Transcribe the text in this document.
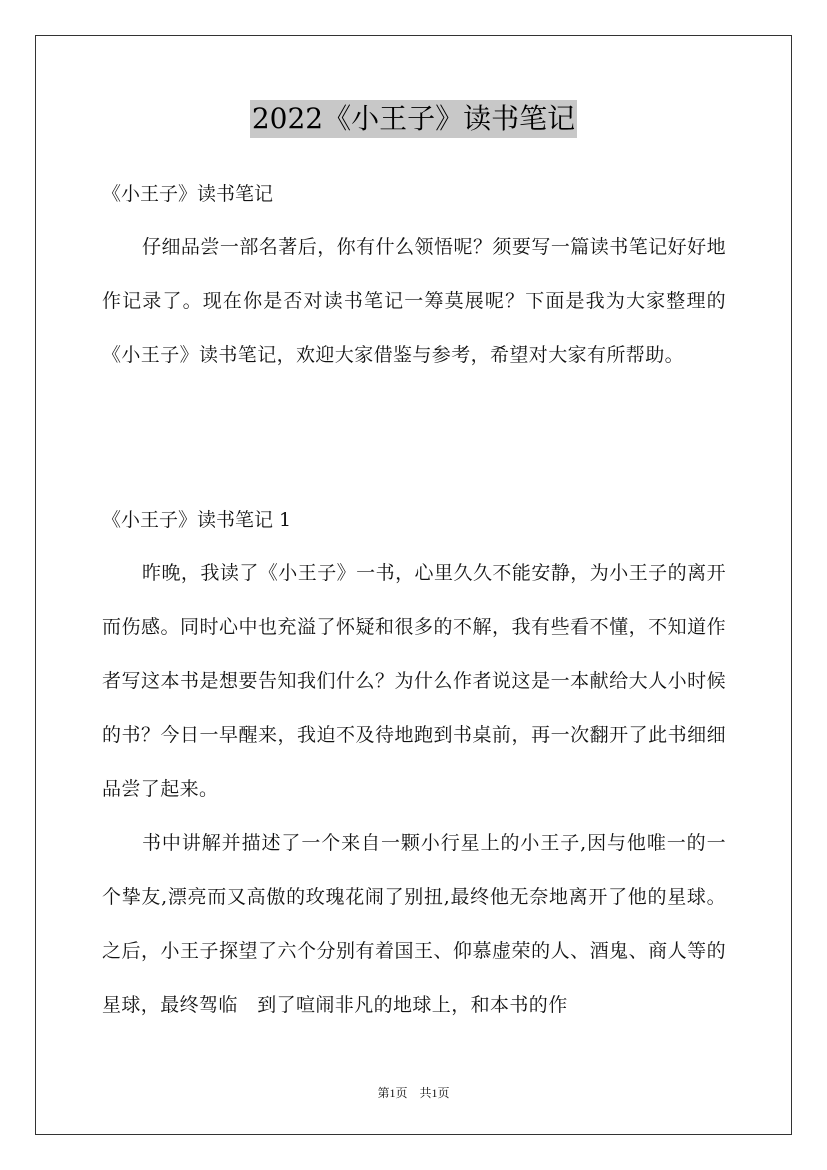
2022《小王子》读书笔记
《小王子》读书笔记
仔细品尝一部名著后，你有什么领悟呢？须要写一篇读书笔记好好地作记录了。现在你是否对读书笔记一筹莫展呢？下面是我为大家整理的《小王子》读书笔记，欢迎大家借鉴与参考，希望对大家有所帮助。
《小王子》读书笔记 1
昨晚，我读了《小王子》一书，心里久久不能安静，为小王子的离开而伤感。同时心中也充溢了怀疑和很多的不解，我有些看不懂，不知道作者写这本书是想要告知我们什么？为什么作者说这是一本献给大人小时候的书？今日一早醒来，我迫不及待地跑到书桌前，再一次翻开了此书细细品尝了起来。
书中讲解并描述了一个来自一颗小行星上的小王子,因与他唯一的一个挚友,漂亮而又高傲的玫瑰花闹了别扭,最终他无奈地离开了他的星球。之后，小王子探望了六个分别有着国王、仰慕虚荣的人、酒鬼、商人等的星球，最终驾临　到了喧闹非凡的地球上，和本书的作
第1页　共1页
